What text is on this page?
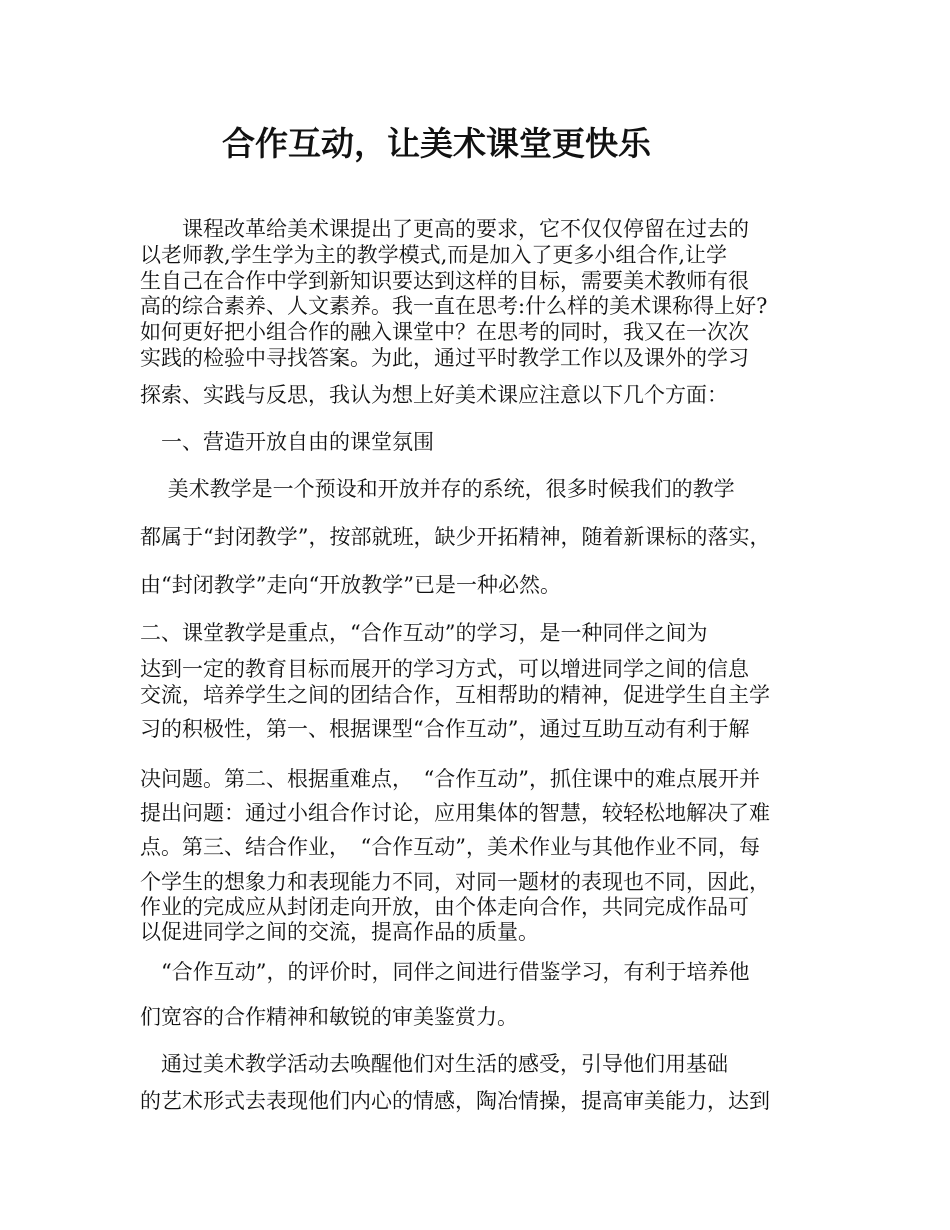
合作互动，让美术课堂更快乐
　　课程改革给美术课提出了更高的要求，它不仅仅停留在过去的
以老师教,学生学为主的教学模式,而是加入了更多小组合作,让学
生自己在合作中学到新知识要达到这样的目标，需要美术教师有很
高的综合素养、人文素养。我一直在思考:什么样的美术课称得上好?
如何更好把小组合作的融入课堂中？在思考的同时，我又在一次次
实践的检验中寻找答案。为此，通过平时教学工作以及课外的学习
探索、实践与反思，我认为想上好美术课应注意以下几个方面：
　一、营造开放自由的课堂氛围
　 美术教学是一个预设和开放并存的系统，很多时候我们的教学
都属于“封闭教学”，按部就班，缺少开拓精神，随着新课标的落实，
由“封闭教学”走向“开放教学”已是一种必然。
二、课堂教学是重点，“合作互动”的学习，是一种同伴之间为
达到一定的教育目标而展开的学习方式，可以增进同学之间的信息
交流，培养学生之间的团结合作，互相帮助的精神，促进学生自主学
习的积极性，第一、根据课型“合作互动”，通过互助互动有利于解
决问题。第二、根据重难点，　“合作互动”，抓住课中的难点展开并
提出问题：通过小组合作讨论，应用集体的智慧，较轻松地解决了难
点。第三、结合作业，　“合作互动”，美术作业与其他作业不同，每
个学生的想象力和表现能力不同，对同一题材的表现也不同，因此，
作业的完成应从封闭走向开放，由个体走向合作，共同完成作品可
以促进同学之间的交流，提高作品的质量。
　“合作互动”，的评价时，同伴之间进行借鉴学习，有利于培养他
们宽容的合作精神和敏锐的审美鉴赏力。
　通过美术教学活动去唤醒他们对生活的感受，引导他们用基础
的艺术形式去表现他们内心的情感，陶冶情操，提高审美能力，达到
